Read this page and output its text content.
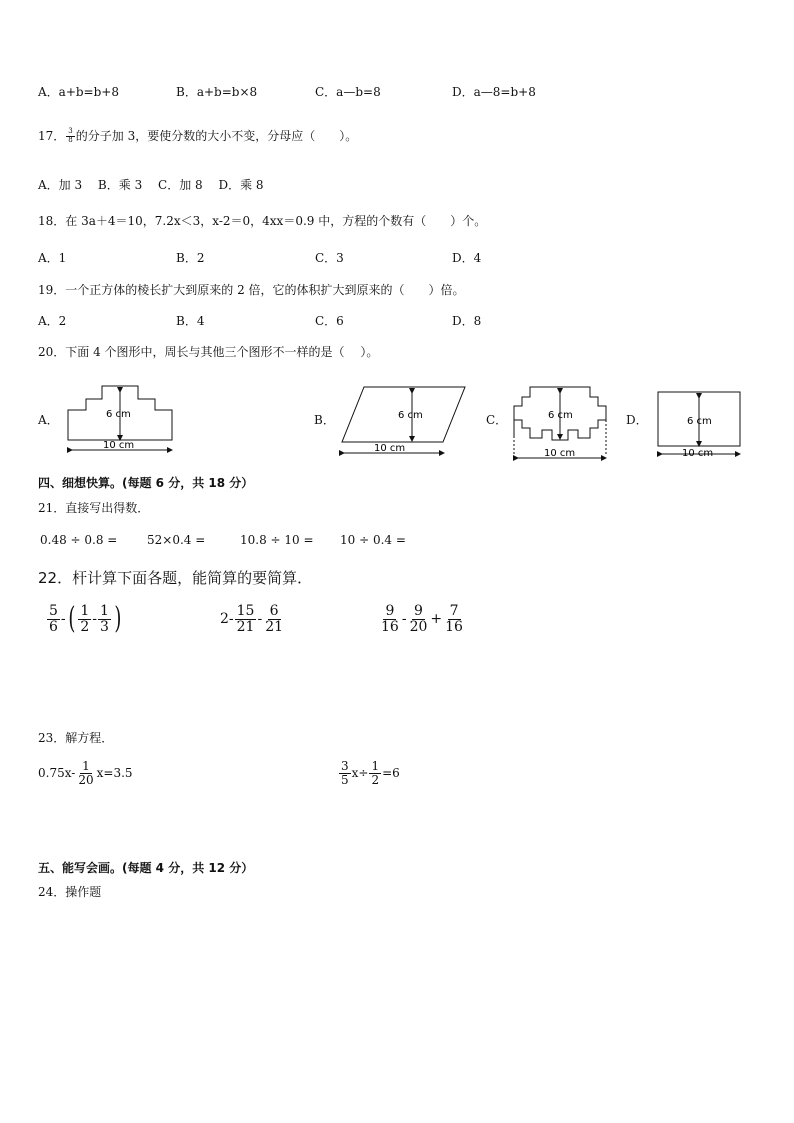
A．a+b=b+8	B．a+b=b×8	C．a—b=8	D．a—8=b+8
17． $\frac{3}{8}$ 的分子加 3，要使分数的大小不变，分母应（　　）。
A．加 3　 B．乘 3　 C．加 8　 D．乘 8
18．在 3a＋4＝10，7.2x＜3，x-2＝0，4xx＝0.9 中，方程的个数有（　　）个。
A．1	B．2	C．3	D．4
19．一个正方体的棱长扩大到原来的 2 倍，它的体积扩大到原来的（　　）倍。
A．2	B．4	C．6	D．8
20．下面 4 个图形中，周长与其他三个图形不一样的是（　 ）。
A．	B．	C．	D．
6 cm
10 cm
6 cm
10 cm
6 cm
10 cm
6 cm
10 cm
四、细想快算。(每题 6 分，共 18 分）
21．直接写出得数．
0.48 ÷ 0.8 = 52×0.4 =	10.8 ÷ 10 = 10 ÷ 0.4 =
22．杆计算下面各题，能简算的要简算．
$\frac{5}{6}$ - ( $\frac{1}{2} - \frac{1}{3}$ )	$2- \frac{15}{21} - \frac{6}{21}$	$\frac{9}{16} - \frac{9}{20} + \frac{7}{16}$
23．解方程．
$0.75x- \frac{1}{20} x=3.5$	$\frac{3}{5} x\div \frac{1}{2} =6$
五、能写会画。(每题 4 分，共 12 分）
24．操作题
